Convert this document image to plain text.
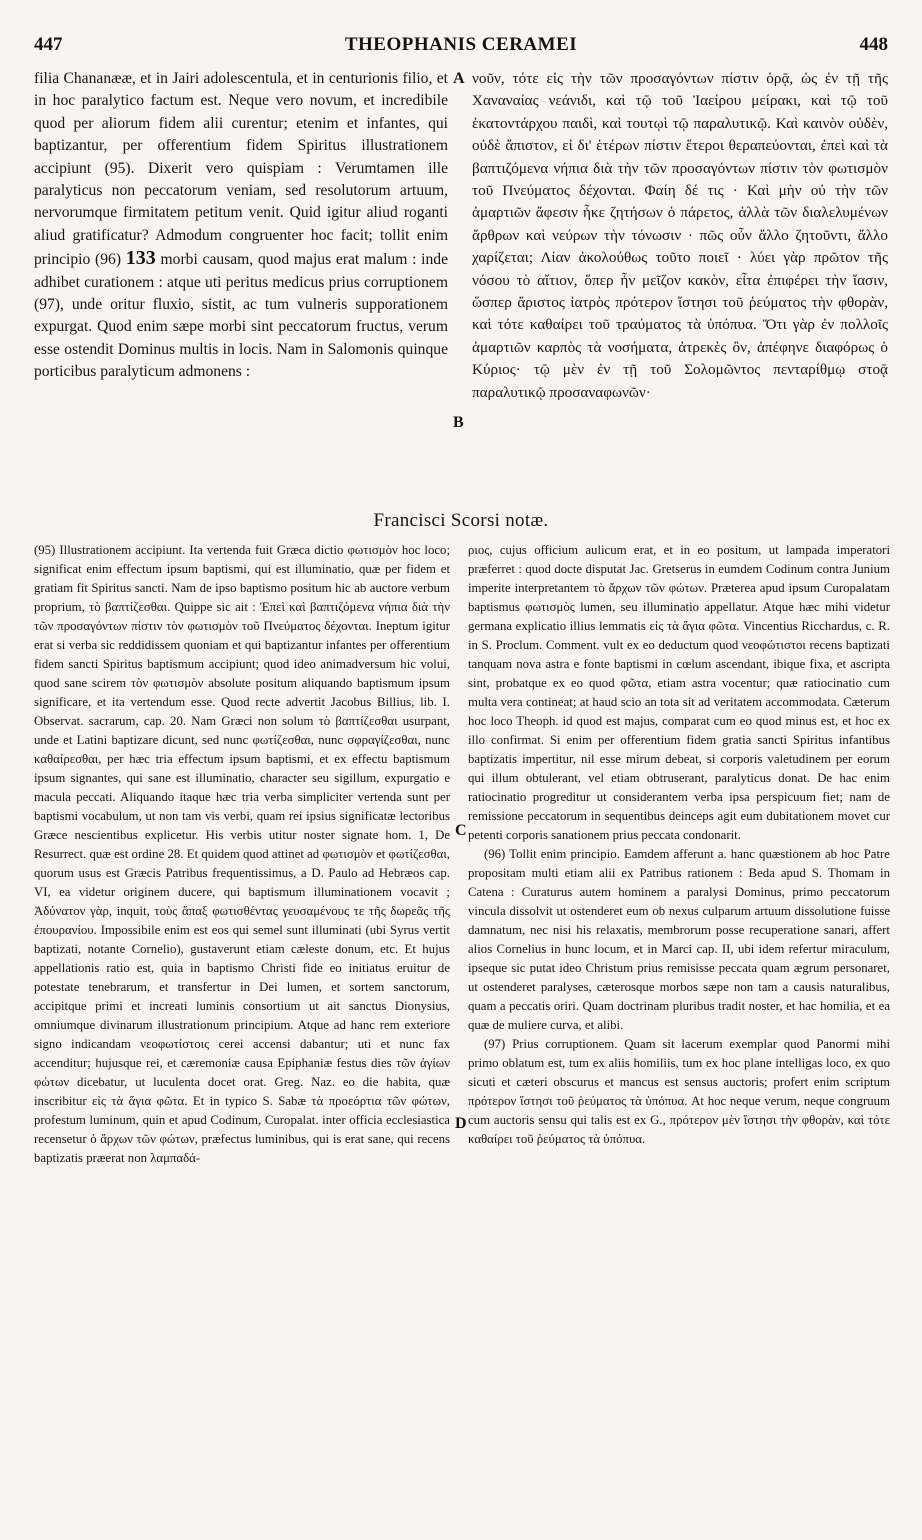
447	THEOPHANIS CERAMEI	448

filia Chananææ, et in Jairi adolescentula, et in centurionis filio, et in hoc paralytico factum est. Neque vero novum, et incredibile quod per aliorum fidem alii curentur; etenim et infantes, qui baptizantur, per offerentium fidem Spiritus illustrationem accipiunt (95). Dixerit vero quispiam : Verumtamen ille paralyticus non peccatorum veniam, sed resolutorum artuum, nervorumque firmitatem petitum venit. Quid igitur aliud roganti aliud gratificatur? Admodum congruenter hoc facit; tollit enim principio (96) 133 morbi causam, quod majus erat malum : inde adhibet curationem : atque uti peritus medicus prius corruptionem (97), unde oritur fluxio, sistit, ac tum vulneris supporationem expurgat. Quod enim sæpe morbi sint peccatorum fructus, verum esse ostendit Dominus multis in locis. Nam in Salomonis quinque porticibus paralyticum admonens :

A
B

νοῦν, τότε εἰς τὴν τῶν προσαγόντων πίστιν ὁρᾷ, ὡς ἐν τῇ τῆς Χαναναίας νεάνιδι, καὶ τῷ τοῦ Ἰαείρου μείρακι, καὶ τῷ τοῦ ἑκατοντάρχου παιδὶ, καὶ τουτῳὶ τῷ παραλυτικῷ. Καὶ καινὸν οὐδὲν, οὐδὲ ἄπιστον, εἰ δι' ἑτέρων πίστιν ἕτεροι θεραπεύονται, ἐπεὶ καὶ τὰ βαπτιζόμενα νήπια διὰ τὴν τῶν προσαγόντων πίστιν τὸν φωτισμὸν τοῦ Πνεύματος δέχονται. Φαίη δέ τις · Καὶ μὴν οὐ τὴν τῶν ἁμαρτιῶν ἄφεσιν ἧκε ζητήσων ὁ πάρετος, ἀλλὰ τῶν διαλελυμένων ἄρθρων καὶ νεύρων τὴν τόνωσιν · πῶς οὖν ἄλλο ζητοῦντι, ἄλλο χαρίζεται; Λίαν ἀκολούθως τοῦτο ποιεῖ · λύει γὰρ πρῶτον τῆς νόσου τὸ αἴτιον, ὅπερ ἦν μεῖζον κακὸν, εἶτα ἐπιφέρει τὴν ἴασιν, ὥσπερ ἄριστος ἰατρὸς πρότερον ἵστησι τοῦ ῥεύματος τὴν φθορὰν, καὶ τότε καθαίρει τοῦ τραύματος τὰ ὑπόπυα. Ὅτι γὰρ ἐν πολλοῖς ἁμαρτιῶν καρπὸς τὰ νοσήματα, ἀτρεκὲς ὂν, ἀπέφηνε διαφόρως ὁ Κύριος· τῷ μὲν ἐν τῇ τοῦ Σολομῶντος πενταρίθμῳ στοᾷ παραλυτικῷ προσαναφωνῶν·

Francisci Scorsi notæ.

(95) Illustrationem accipiunt. Ita vertenda fuit Græca dictio φωτισμὸν hoc loco; significat enim effectum ipsum baptismi, qui est illuminatio, quæ per fidem et gratiam fit Spiritus sancti. Nam de ipso baptismo positum hic ab auctore verbum proprium, τὸ βαπτίζεσθαι. Quippe sic ait : Ἐπεὶ καὶ βαπτιζόμενα νήπια διὰ τὴν τῶν προσαγόντων πίστιν τὸν φωτισμὸν τοῦ Πνεύματος δέχονται. Ineptum igitur erat si verba sic reddidissem quoniam et qui baptizantur infantes per offerentium fidem sancti Spiritus baptismum accipiunt; quod ideo animadversum hic volui, quod sane scirem τὸν φωτισμὸν absolute positum aliquando baptismum ipsum significare, et ita vertendum esse. Quod recte advertit Jacobus Billius, lib. I. Observat. sacrarum, cap. 20. Nam Græci non solum τὸ βαπτίζεσθαι usurpant, unde et Latini baptizare dicunt, sed nunc φωτίζεσθαι, nunc σφραγίζεσθαι, nunc καθαίρεσθαι, per hæc tria effectum ipsum baptismi, et ex effectu baptismum ipsum signantes, qui sane est illuminatio, character seu sigillum, expurgatio e macula peccati. Aliquando itaque hæc tria verba simpliciter vertenda sunt per baptismi vocabulum, ut non tam vis verbi, quam rei ipsius significatæ lectoribus Græce nescientibus explicetur. His verbis utitur noster signate hom. 1, De Resurrect. quæ est ordine 28. Et quidem quod attinet ad φωτισμὸν et φωτίζεσθαι, quorum usus est Græcis Patribus frequentissimus, a D. Paulo ad Hebræos cap. VI, ea videtur originem ducere, qui baptismum illuminationem vocavit ; Ἀδύνατον γὰρ, inquit, τοὺς ἅπαξ φωτισθέντας γευσαμένους τε τῆς δωρεᾶς τῆς ἐπουρανίου. Impossibile enim est eos qui semel sunt illuminati (ubi Syrus vertit baptizati, notante Cornelio), gustaverunt etiam cæleste donum, etc. Et hujus appellationis ratio est, quia in baptismo Christi fide eo initiatus eruitur de potestate tenebrarum, et transfertur in Dei lumen, et sortem sanctorum, accipitque primi et increati luminis consortium ut ait sanctus Dionysius, omniumque divinarum illustrationum principium. Atque ad hanc rem exteriore signo indicandam νεοφωτίστοις cerei accensi dabantur; uti et nunc fax accenditur; hujusque rei, et cæremoniæ causa Epiphaniæ festus dies τῶν ἁγίων φώτων dicebatur, ut luculenta docet orat. Greg. Naz. eo die habita, quæ inscribitur εἰς τὰ ἅγια φῶτα. Et in typico S. Sabæ τὰ προεόρτια τῶν φώτων, profestum luminum, quin et apud Codinum, Curopalat. inter officia ecclesiastica recensetur ὁ ἄρχων τῶν φώτων, præfectus luminibus, qui is erat sane, qui recens baptizatis præerat non λαμπαδά-

C
D

ριος, cujus officium aulicum erat, et in eo positum, ut lampada imperatori præferret : quod docte disputat Jac. Gretserus in eumdem Codinum contra Junium imperite interpretantem τὸ ἄρχων τῶν φώτων. Præterea apud ipsum Curopalatam baptismus φωτισμὸς lumen, seu illuminatio appellatur. Atque hæc mihi videtur germana explicatio illius lemmatis εἰς τὰ ἅγια φῶτα. Vincentius Ricchardus, c. R. in S. Proclum. Comment. vult ex eo deductum quod νεοφώτιστοι recens baptizati tanquam nova astra e fonte baptismi in cœlum ascendant, ibique fixa, et ascripta sint, probatque ex eo quod φῶτα, etiam astra vocentur; quæ ratiocinatio cum multa vera contineat; at haud scio an tota sit ad veritatem accommodata. Cæterum hoc loco Theoph. id quod est majus, comparat cum eo quod minus est, et hoc ex illo confirmat. Si enim per offerentium fidem gratia sancti Spiritus infantibus baptizatis impertitur, nil esse mirum debeat, si corporis valetudinem per eorum qui illum obtulerant, vel etiam obtruserant, paralyticus donat. De hac enim ratiocinatio progreditur ut considerantem verba ipsa perspicuum fiet; nam de remissione peccatorum in sequentibus deinceps agit eum dubitationem movet cur petenti corporis sanationem prius peccata condonarit.

(96) Tollit enim principio. Eamdem afferunt a. hanc quæstionem ab hoc Patre propositam multi etiam alii ex Patribus rationem : Beda apud S. Thomam in Catena : Curaturus autem hominem a paralysi Dominus, primo peccatorum vincula dissolvit ut ostenderet eum ob nexus culparum artuum dissolutione fuisse damnatum, nec nisi his relaxatis, membrorum posse recuperatione sanari, affert alios Cornelius in hunc locum, et in Marci cap. II, ubi idem refertur miraculum, ipseque sic putat ideo Christum prius remisisse peccata quam ægrum personaret, ut ostenderet paralyses, cæterosque morbos sæpe non tam a causis naturalibus, quam a peccatis oriri. Quam doctrinam pluribus tradit noster, et hac homilia, et ea quæ de muliere curva, et alibi.

(97) Prius corruptionem. Quam sit lacerum exemplar quod Panormi mihi primo oblatum est, tum ex aliis homiliis, tum ex hoc plane intelligas loco, ex quo sicuti et cæteri obscurus et mancus est sensus auctoris; profert enim scriptum πρότερον ἵστησι τοῦ ῥεύματος τὰ ὑπόπυα. At hoc neque verum, neque congruum cum auctoris sensu qui talis est ex G., πρότερον μὲν ἵστησι τὴν φθορὰν, καὶ τότε καθαίρει τοῦ ῥεύματος τὰ ὑπόπυα.
